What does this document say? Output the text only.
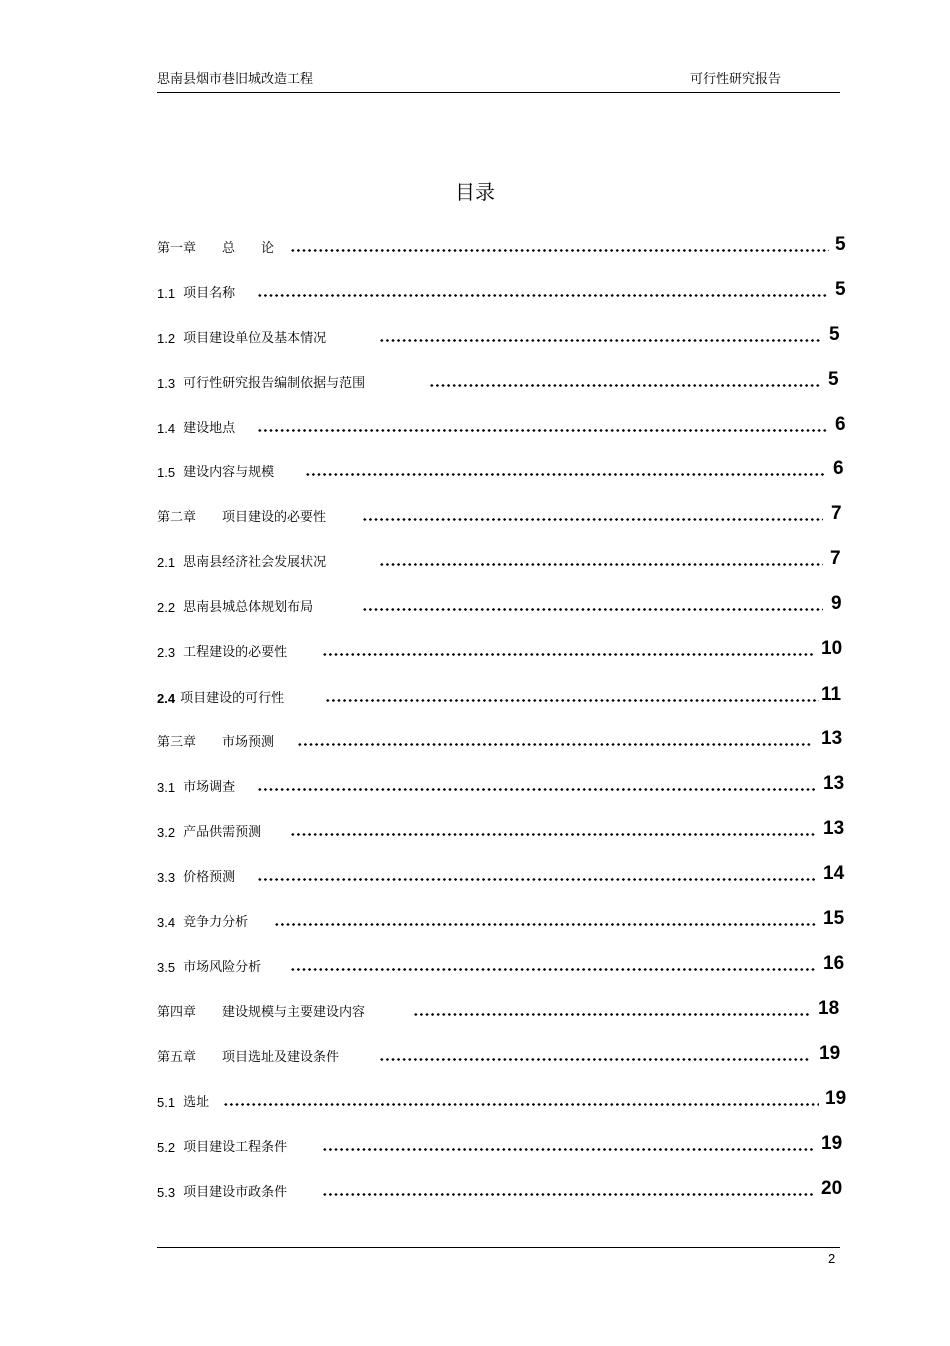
思南县烟市巷旧城改造工程	可行性研究报告
目录
第一章 总　　论	5
1.1 项目名称	5
1.2 项目建设单位及基本情况	5
1.3 可行性研究报告编制依据与范围	5
1.4 建设地点	6
1.5 建设内容与规模	6
第二章 项目建设的必要性	7
2.1 思南县经济社会发展状况	7
2.2 思南县城总体规划布局	9
2.3 工程建设的必要性	10
2.4 项目建设的可行性	11
第三章 市场预测	13
3.1 市场调查	13
3.2 产品供需预测	13
3.3 价格预测	14
3.4 竞争力分析	15
3.5 市场风险分析	16
第四章 建设规模与主要建设内容	18
第五章 项目选址及建设条件	19
5.1 选址	19
5.2 项目建设工程条件	19
5.3 项目建设市政条件	20
2
